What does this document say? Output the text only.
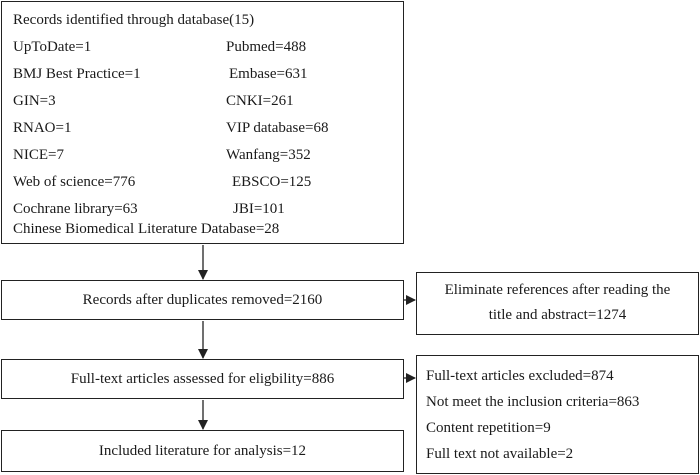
Records identified through database(15)
UpToDate=1
BMJ Best Practice=1
GIN=3
RNAO=1
NICE=7
Web of science=776
Cochrane library=63
Pubmed=488
Embase=631
CNKI=261
VIP database=68
Wanfang=352
EBSCO=125
JBI=101
Chinese Biomedical Literature Database=28
Records after duplicates removed=2160
Eliminate references after reading the
title and abstract=1274
Full-text articles assessed for eligbility=886	Full-text articles excluded=874
Not meet the inclusion criteria=863
Content repetition=9
Full text not available=2
Included literature for analysis=12
